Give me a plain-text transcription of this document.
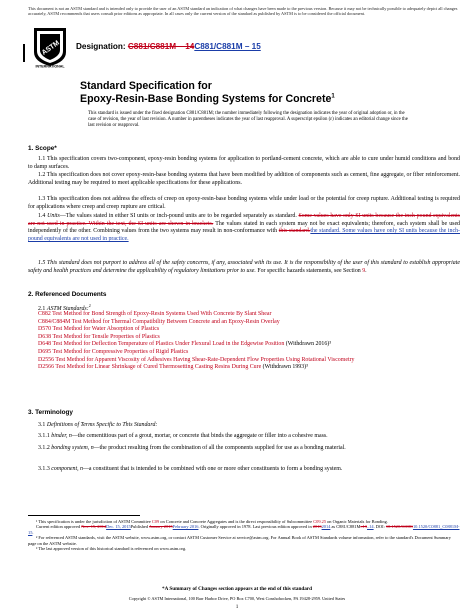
This document is not an ASTM standard and is intended only to provide the user of an ASTM standard an indication of what changes have been made to the previous version. Because it may not be technically possible to adequately depict all changes accurately, ASTM recommends that users consult prior editions as appropriate. In all cases only the current version of the standard as published by ASTM is to be considered the official document.
ASTM
INTERNATIONAL
Designation: C881/C881M – 14C881/C881M – 15
Standard Specification for
Epoxy-Resin-Base Bonding Systems for Concrete$^1$
This standard is issued under the fixed designation C881/C881M; the number immediately following the designation indicates the year of original adoption or, in the case of revision, the year of last revision. A number in parentheses indicates the year of last reapproval. A superscript epsilon (ε) indicates an editorial change since the last revision or reapproval.
1. Scope*
1.1 This specification covers two-component, epoxy-resin bonding systems for application to portland-cement concrete, which are able to cure under humid conditions and bond to damp surfaces.
1.2 This specification does not cover epoxy-resin-base bonding systems that have been modified by addition of components such as cement, fine aggregate, or fiber reinforcement. Additional testing may be required to meet applicable specifications for these applications.
1.3 This specification does not address the effects of creep on epoxy-resin-base bonding systems while under load or the potential for creep rupture. Additional testing is required for applications where creep and creep rupture are critical.
1.4 Units—The values stated in either SI units or inch-pound units are to be regarded separately as standard. Some values have only SI units because the inch-pound equivalents are not used in practice. Within the text, the SI units are shown in brackets. The values stated in each system may not be exact equivalents; therefore, each system shall be used independently of the other. Combining values from the two systems may result in non-conformance with this standard.the standard. Some values have only SI units because the inch-pound equivalents are not used in practice.
1.5 This standard does not purport to address all of the safety concerns, if any, associated with its use. It is the responsibility of the user of this standard to establish appropriate safety and health practices and determine the applicability of regulatory limitations prior to use. For specific hazards statements, see Section 9.
2. Referenced Documents
2.1 ASTM Standards:$^2$
C882 Test Method for Bond Strength of Epoxy-Resin Systems Used With Concrete By Slant Shear
C884/C884M Test Method for Thermal Compatibility Between Concrete and an Epoxy-Resin Overlay
D570 Test Method for Water Absorption of Plastics
D638 Test Method for Tensile Properties of Plastics
D648 Test Method for Deflection Temperature of Plastics Under Flexural Load in the Edgewise Position (Withdrawn 2016)³
D695 Test Method for Compressive Properties of Rigid Plastics
D2556 Test Method for Apparent Viscosity of Adhesives Having Shear-Rate-Dependent Flow Properties Using Rotational Viscometry
D2566 Test Method for Linear Shrinkage of Cured Thermosetting Casting Resins During Cure (Withdrawn 1993)³
3. Terminology
3.1 Definitions of Terms Specific to This Standard:
3.1.1 binder, n—the cementitious part of a grout, mortar, or concrete that binds the aggregate or filler into a cohesive mass.
3.1.2 bonding system, n—the product resulting from the combination of all the components supplied for use as a bonding material.
3.1.3 component, n—a constituent that is intended to be combined with one or more other constituents to form a bonding system.
¹ This specification is under the jurisdiction of ASTM Committee C09 on Concrete and Concrete Aggregates and is the direct responsibility of Subcommittee C09.25 on Organic Materials for Bonding.
Current edition approved Nov. 15, 2014Dec. 15, 2015Published January 2015February 2016. Originally approved in 1978. Last previous edition approved in 20132014 as C881/C881M–13–14. DOI: 10.1520/C088110.1520/C0881_C0881M-15.
² For referenced ASTM standards, visit the ASTM website, www.astm.org, or contact ASTM Customer Service at service@astm.org. For Annual Book of ASTM Standards volume information, refer to the standard's Document Summary page on the ASTM website.
³ The last approved version of this historical standard is referenced on www.astm.org.
*A Summary of Changes section appears at the end of this standard
Copyright © ASTM International, 100 Barr Harbor Drive, PO Box C700, West Conshohocken, PA 19428-2959. United States
1
